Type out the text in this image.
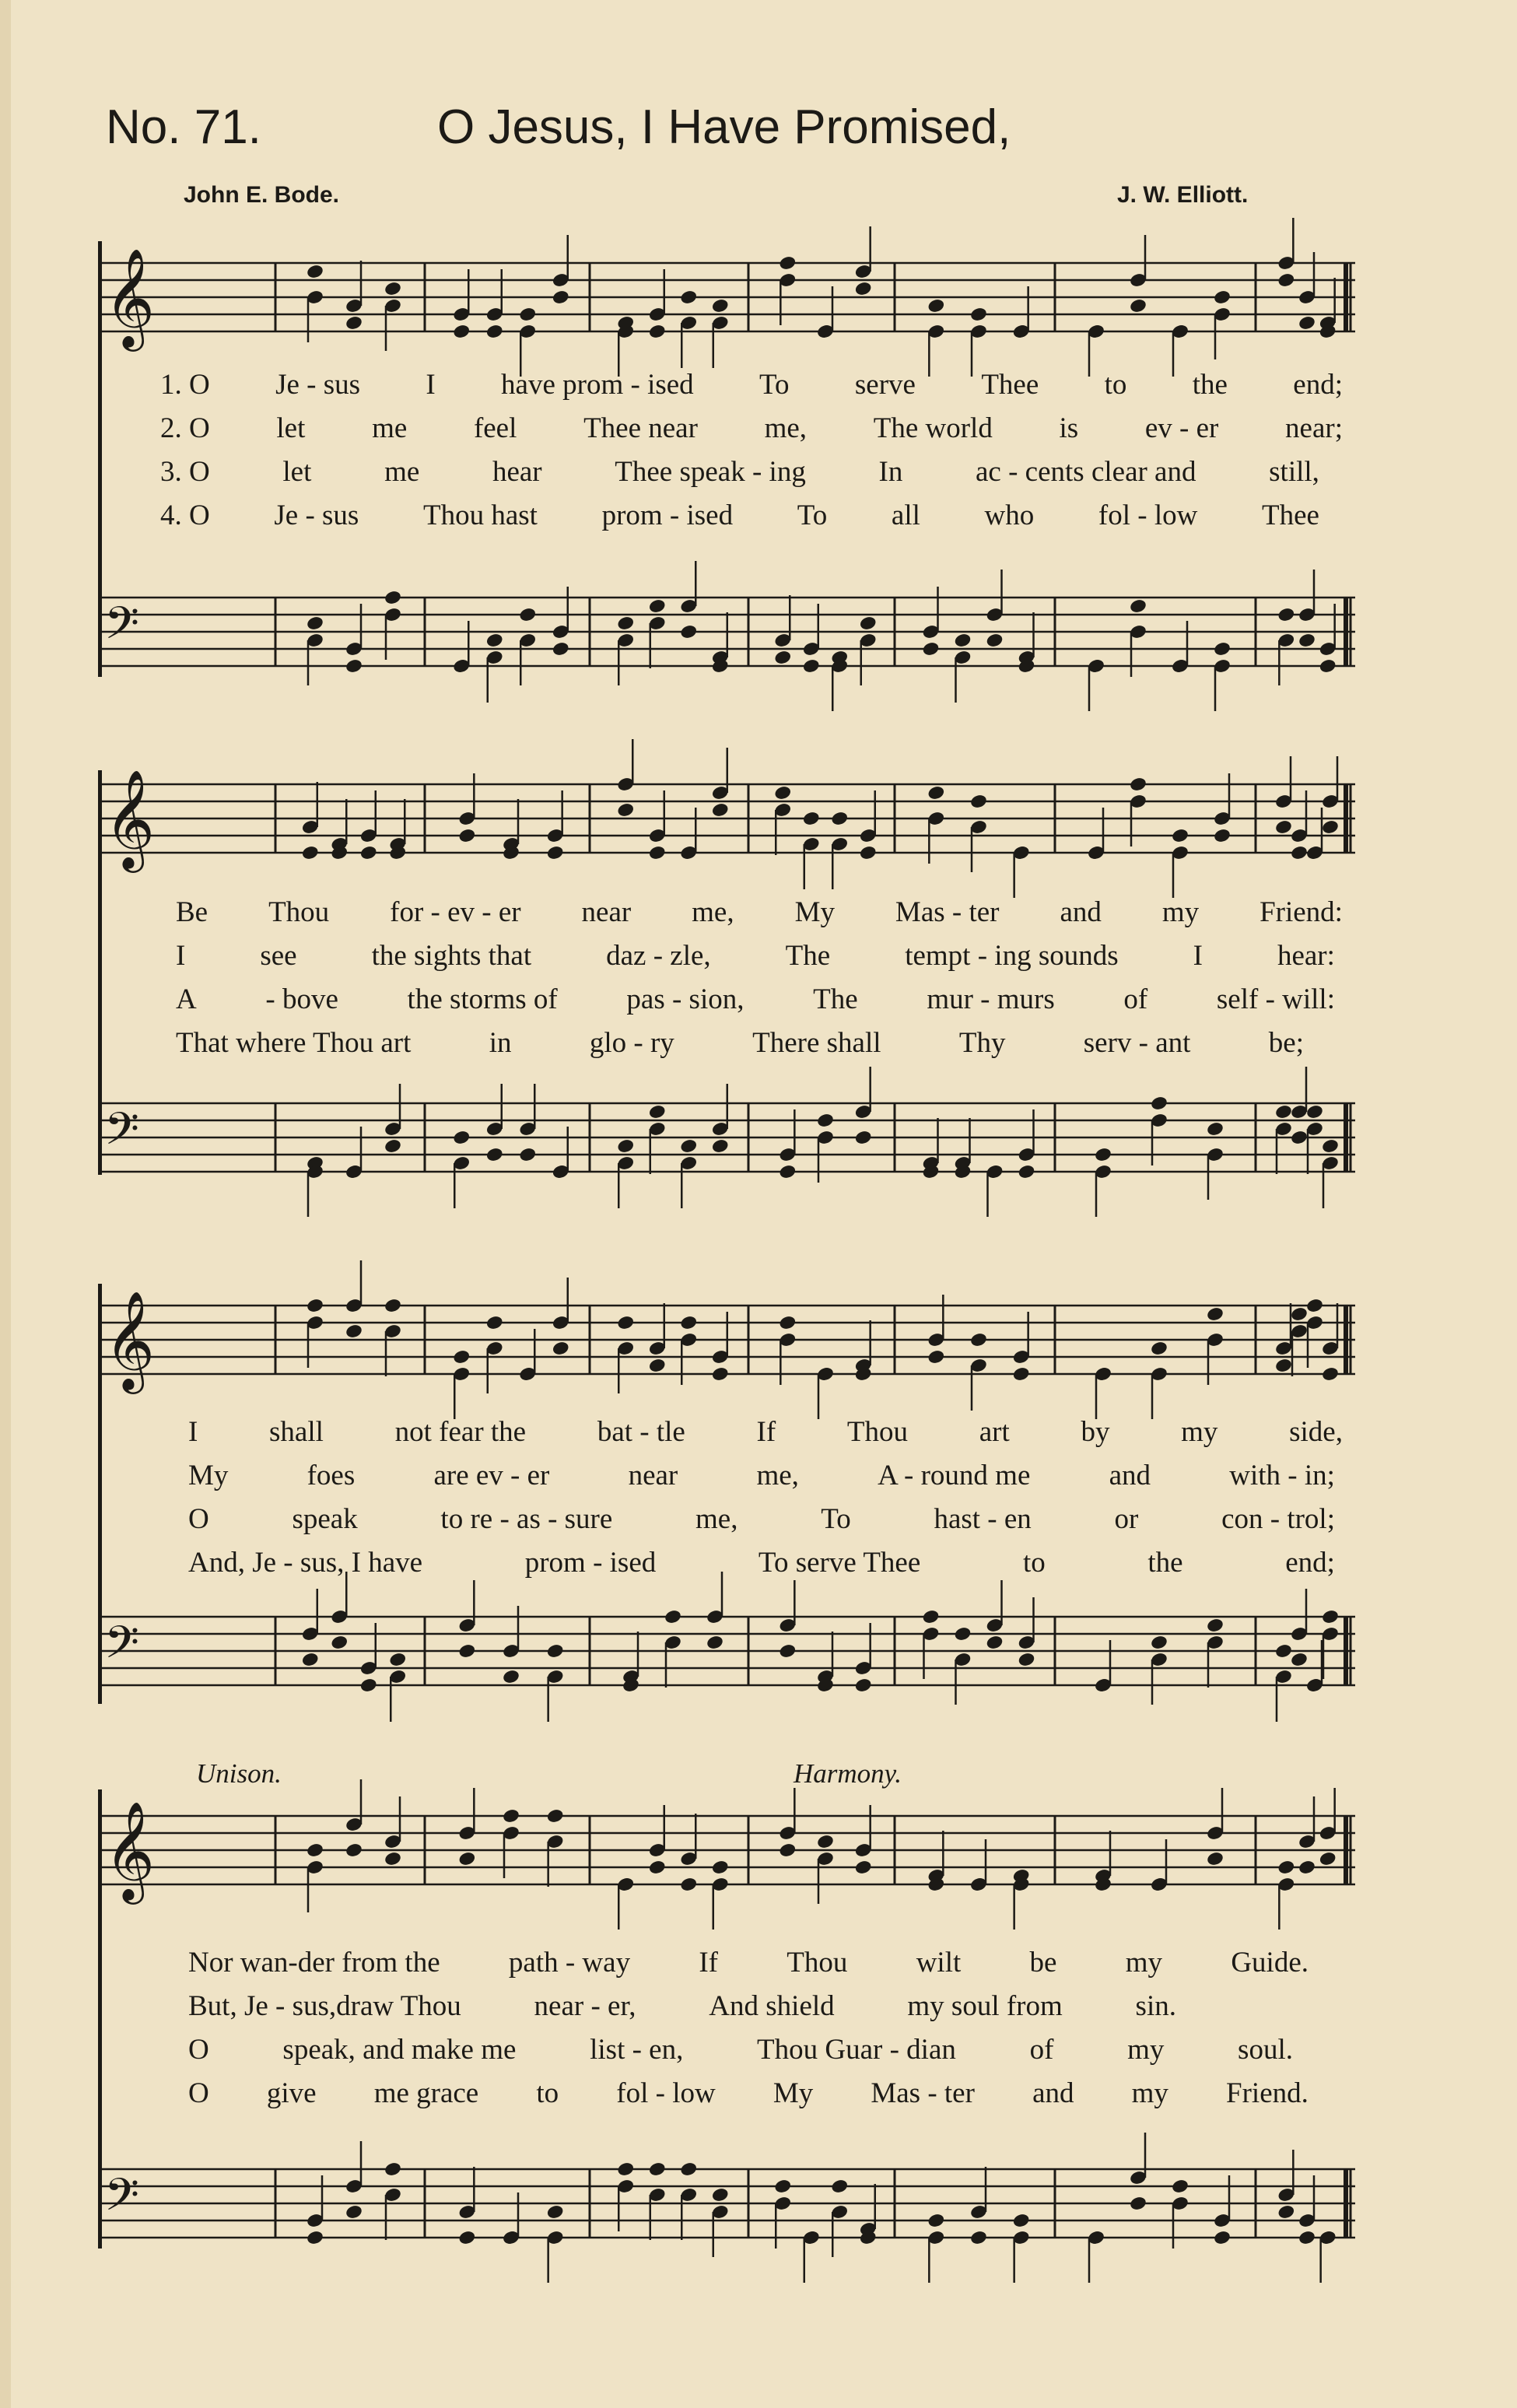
No. 71.	O Jesus, I Have Promised,
John E. Bode.	J. W. Elliott.
𝄞
1. O Je - sus I have prom - ised To serve Thee to the end;
2. O let me feel Thee near me, The world is ev - er near;
3. O	let	me	hear	Thee speak - ing	In	ac - cents clear and	still,
4. O Je - sus Thou hast prom - ised To all who fol - low Thee
𝄢
𝄞
Be Thou for - ev - er near me, My Mas - ter and my Friend:
I	see	the sights that	daz - zle,	The	tempt - ing sounds	I	hear:
A - bove the storms of pas - sion, The mur - murs of self - will:
That where Thou art	in	glo - ry	There shall	Thy	serv - ant	be;
𝄢
𝄞
I shall not fear the bat - tle If Thou art by my side,
My	foes	are ev - er	near	me,	A - round me	and	with - in;
O	speak	to re - as - sure	me,	To	hast - en	or	con - trol;
And, Je - sus, I have	prom - ised	To serve Thee	to	the	end;
𝄢
Unison.	Harmony.
𝄞
Nor wan-der from the path - way If Thou wilt be my Guide.
But, Je - sus,draw Thou	near - er,	And shield	my soul from	sin.
O	speak, and make me	list - en,	Thou Guar - dian	of	my	soul.
O give me grace to fol - low My Mas - ter and my Friend.
𝄢
